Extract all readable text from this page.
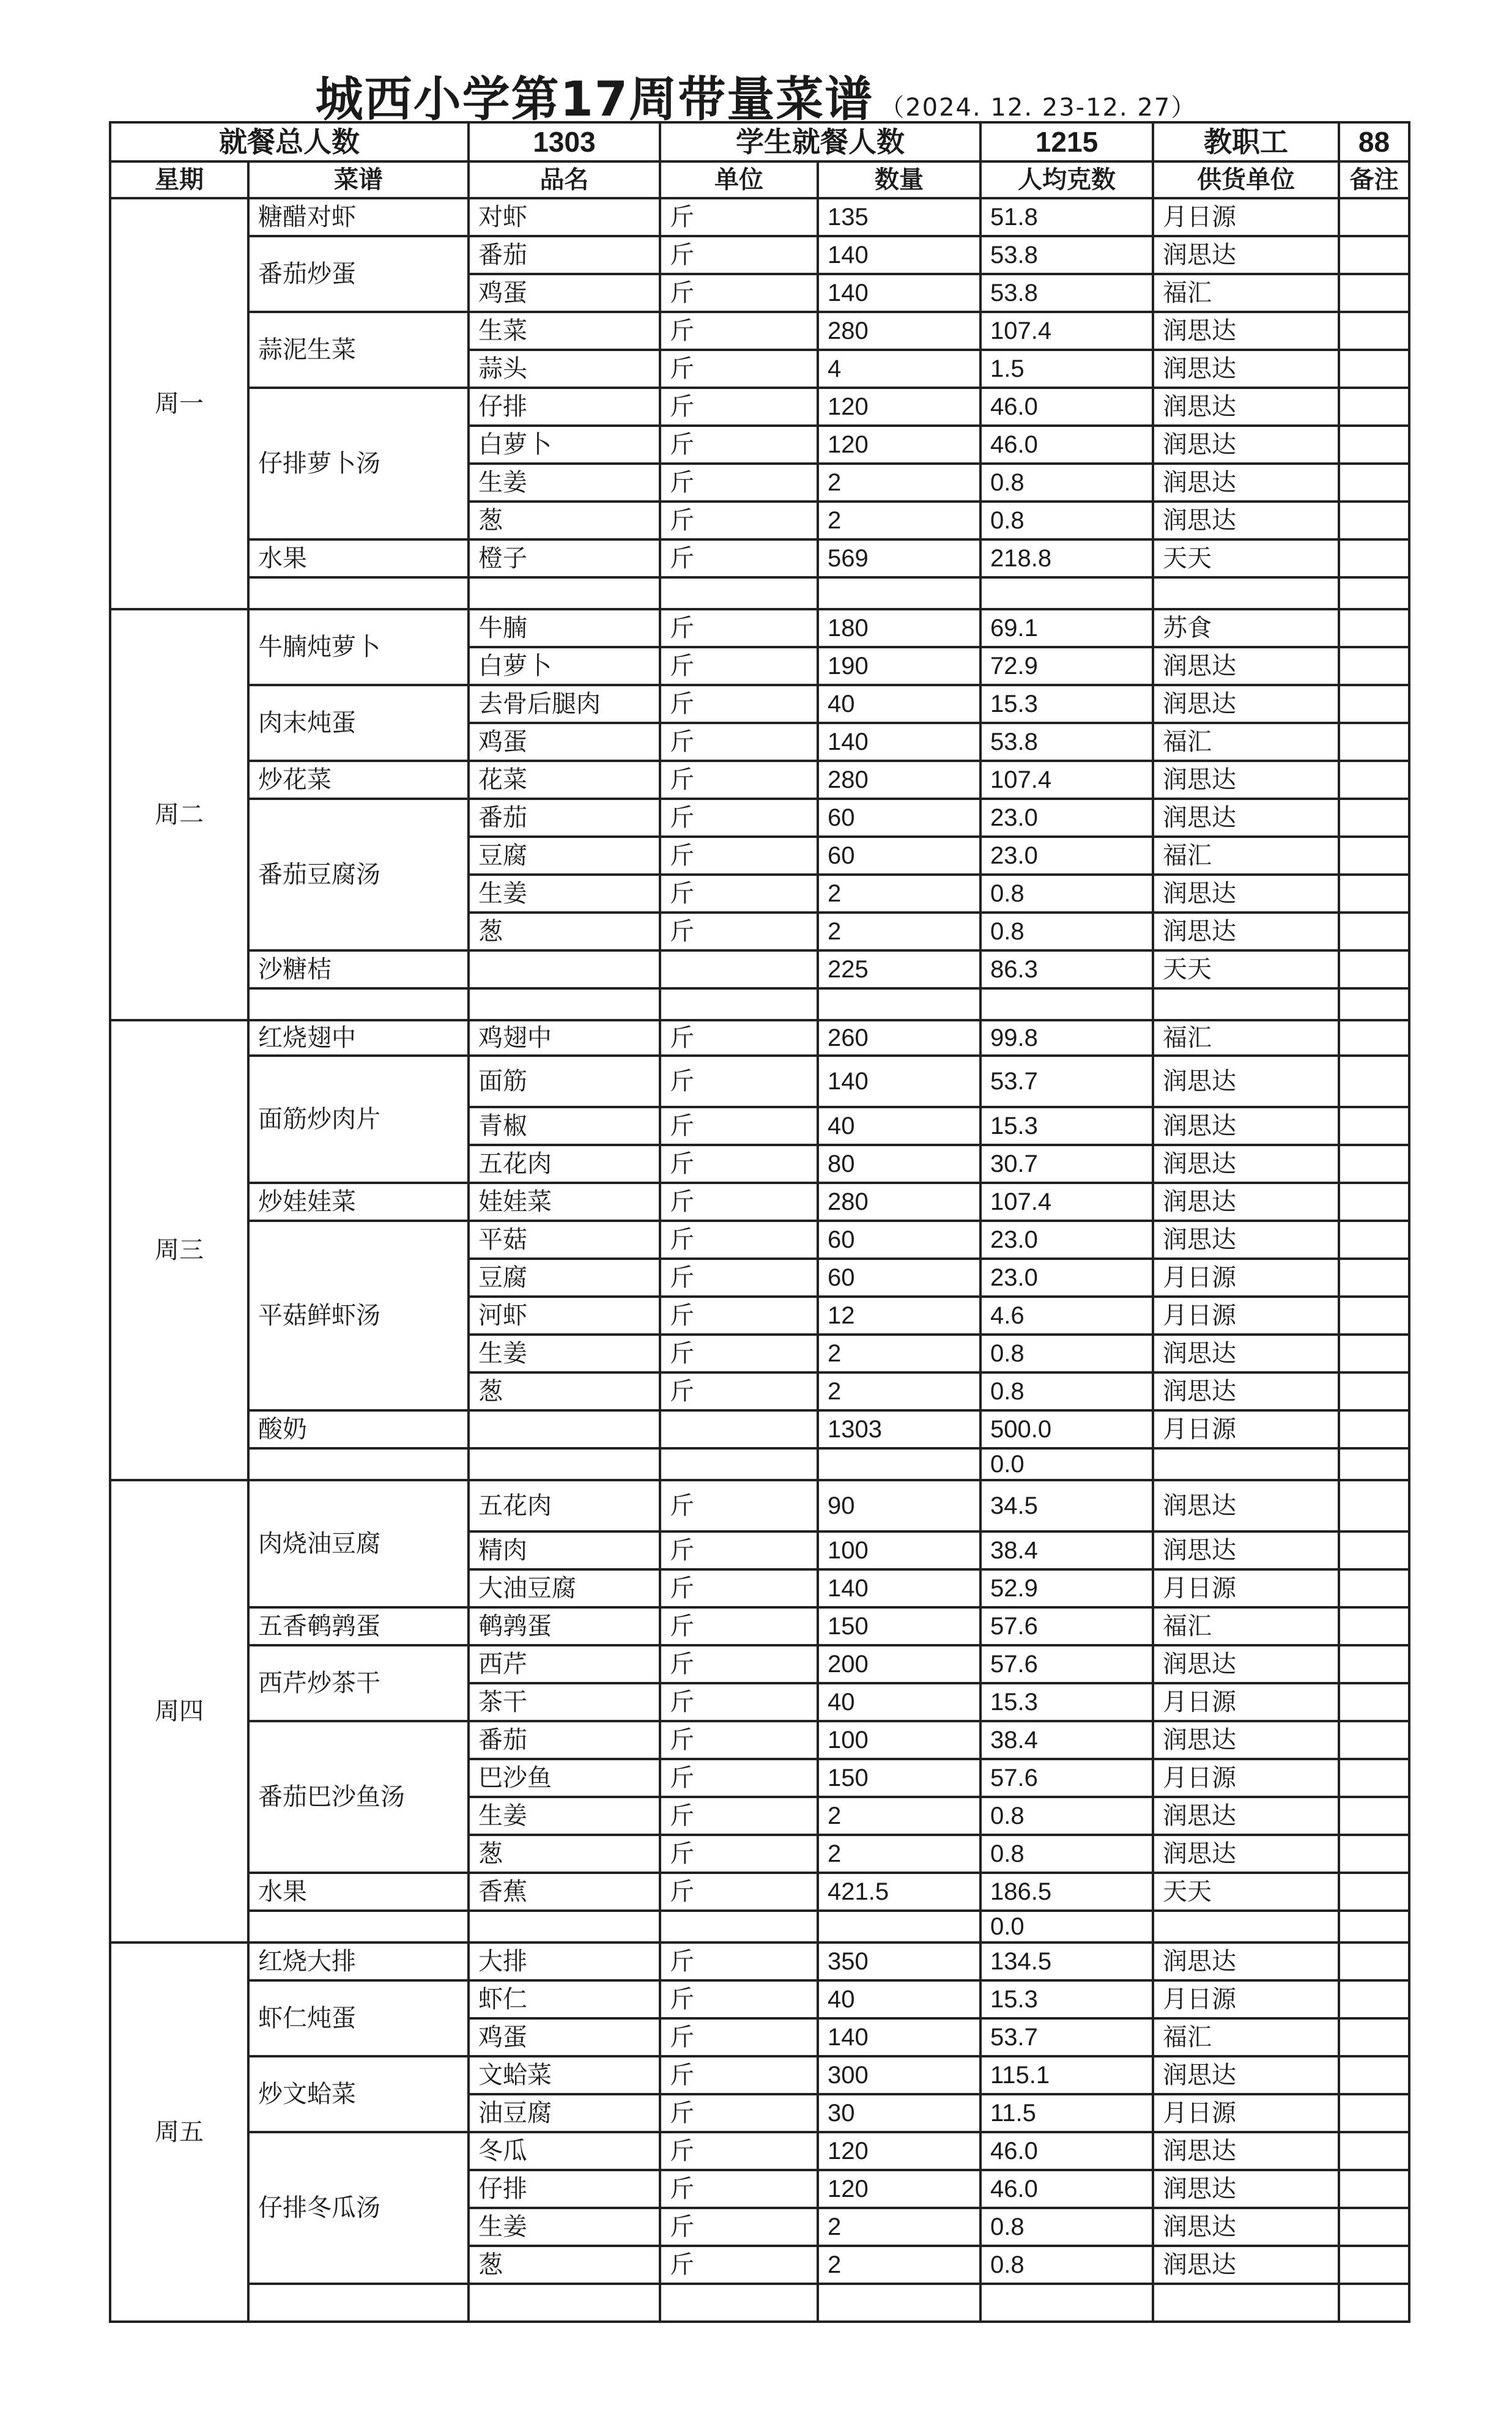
城西小学第17周带量菜谱 （2024. 12. 23-12. 27）
就餐总人数		1303	学生就餐人数		1215	教职工	88
星期	菜谱	品名	单位	数量	人均克数	供货单位	备注
周一	糖醋对虾	对虾	斤	135	51.8	月日源	
	番茄炒蛋	番茄	斤	140	53.8	润思达	
		鸡蛋	斤	140	53.8	福汇	
	蒜泥生菜	生菜	斤	280	107.4	润思达	
		蒜头	斤	4	1.5	润思达	
	仔排萝卜汤	仔排	斤	120	46.0	润思达	
		白萝卜	斤	120	46.0	润思达	
		生姜	斤	2	0.8	润思达	
		葱	斤	2	0.8	润思达	
	水果	橙子	斤	569	218.8	天天	

周二	牛腩炖萝卜	牛腩	斤	180	69.1	苏食	
		白萝卜	斤	190	72.9	润思达	
	肉末炖蛋	去骨后腿肉	斤	40	15.3	润思达	
		鸡蛋	斤	140	53.8	福汇	
	炒花菜	花菜	斤	280	107.4	润思达	
	番茄豆腐汤	番茄	斤	60	23.0	润思达	
		豆腐	斤	60	23.0	福汇	
		生姜	斤	2	0.8	润思达	
		葱	斤	2	0.8	润思达	
	沙糖桔			225	86.3	天天	

周三	红烧翅中	鸡翅中	斤	260	99.8	福汇	
	面筋炒肉片	面筋	斤	140	53.7	润思达	
		青椒	斤	40	15.3	润思达	
		五花肉	斤	80	30.7	润思达	
	炒娃娃菜	娃娃菜	斤	280	107.4	润思达	
	平菇鲜虾汤	平菇	斤	60	23.0	润思达	
		豆腐	斤	60	23.0	月日源	
		河虾	斤	12	4.6	月日源	
		生姜	斤	2	0.8	润思达	
		葱	斤	2	0.8	润思达	
	酸奶			1303	500.0	月日源	
					0.0		
周四	肉烧油豆腐	五花肉	斤	90	34.5	润思达	
		精肉	斤	100	38.4	润思达	
		大油豆腐	斤	140	52.9	月日源	
	五香鹌鹑蛋	鹌鹑蛋	斤	150	57.6	福汇	
	西芹炒茶干	西芹	斤	200	57.6	润思达	
		茶干	斤	40	15.3	月日源	
	番茄巴沙鱼汤	番茄	斤	100	38.4	润思达	
		巴沙鱼	斤	150	57.6	月日源	
		生姜	斤	2	0.8	润思达	
		葱	斤	2	0.8	润思达	
	水果	香蕉	斤	421.5	186.5	天天	
					0.0		
周五	红烧大排	大排	斤	350	134.5	润思达	
	虾仁炖蛋	虾仁	斤	40	15.3	月日源	
		鸡蛋	斤	140	53.7	福汇	
	炒文蛤菜	文蛤菜	斤	300	115.1	润思达	
		油豆腐	斤	30	11.5	月日源	
	仔排冬瓜汤	冬瓜	斤	120	46.0	润思达	
		仔排	斤	120	46.0	润思达	
		生姜	斤	2	0.8	润思达	
		葱	斤	2	0.8	润思达	
